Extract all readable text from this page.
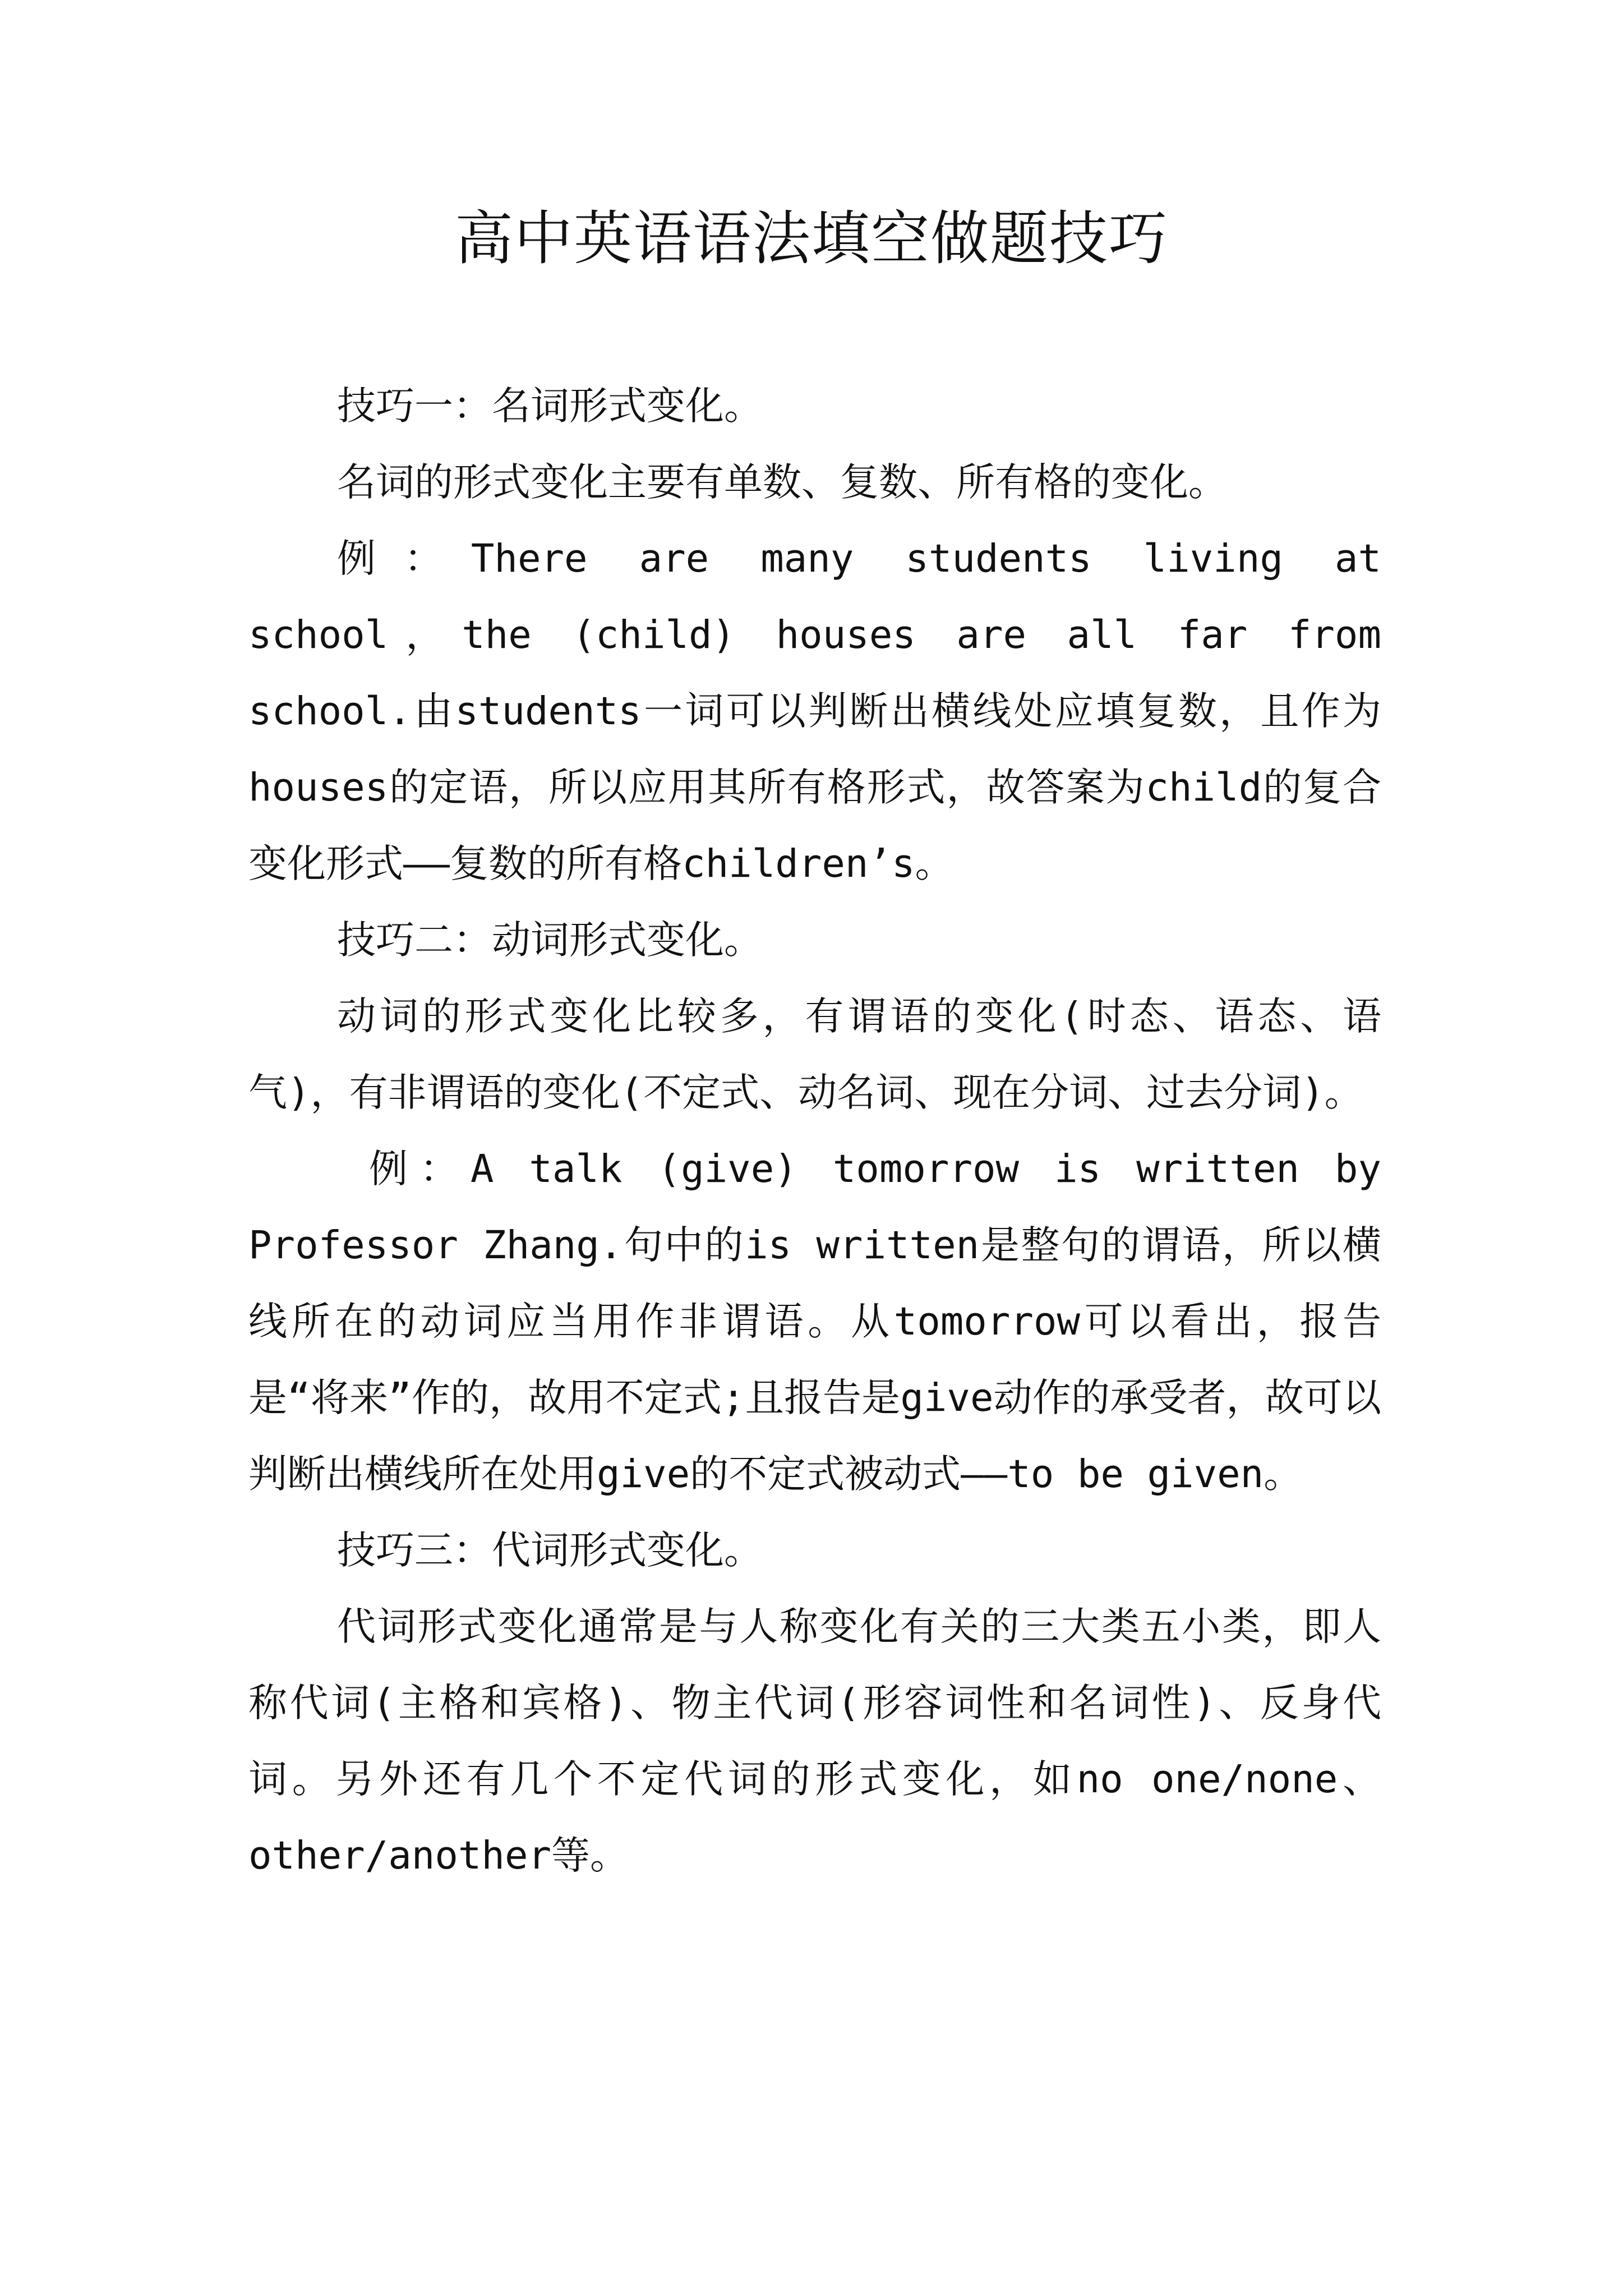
高中英语语法填空做题技巧

技巧一：名词形式变化。

名词的形式变化主要有单数、复数、所有格的变化。

例：There are many students living at school，the (child) houses are all far from school.由students一词可以判断出横线处应填复数，且作为houses的定语，所以应用其所有格形式，故答案为child的复合变化形式——复数的所有格children’s。

技巧二：动词形式变化。

动词的形式变化比较多，有谓语的变化(时态、语态、语气)，有非谓语的变化(不定式、动名词、现在分词、过去分词)。

例：A talk (give) tomorrow is written by Professor Zhang.句中的is written是整句的谓语，所以横线所在的动词应当用作非谓语。从tomorrow可以看出，报告是“将来”作的，故用不定式;且报告是give动作的承受者，故可以判断出横线所在处用give的不定式被动式——to be given。

技巧三：代词形式变化。

代词形式变化通常是与人称变化有关的三大类五小类，即人称代词(主格和宾格)、物主代词(形容词性和名词性)、反身代词。另外还有几个不定代词的形式变化，如no one/none、other/another等。
